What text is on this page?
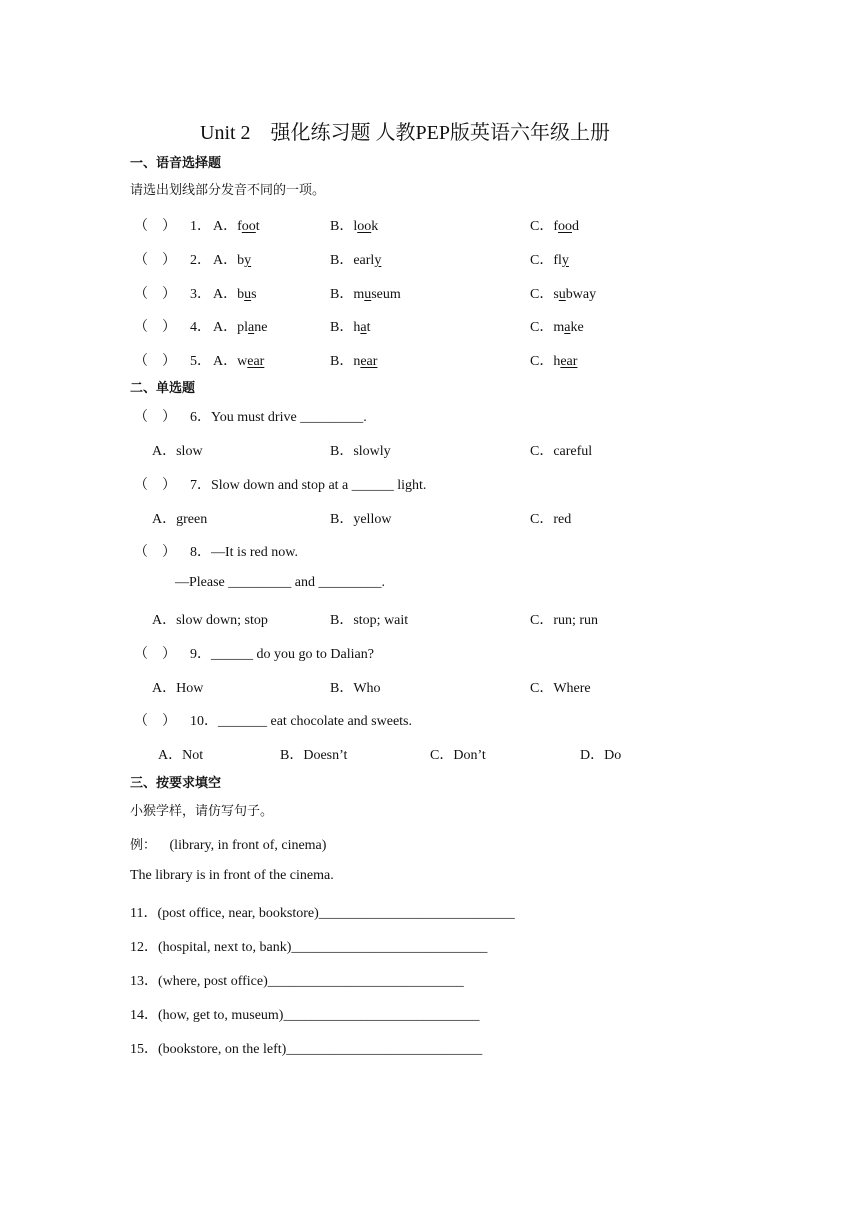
Unit 2　强化练习题 人教PEP版英语六年级上册
一、语音选择题
请选出划线部分发音不同的一项。
（　） 1． A．foot	B．look	C．food
（　） 2． A．by	B．early	C．fly
（　） 3． A．bus	B．museum	C．subway
（　） 4． A．plane	B．hat	C．make
（　） 5． A．wear	B．near	C．hear
二、单选题
（　） 6．You must drive _________.
A．slow	B．slowly	C．careful
（　） 7．Slow down and stop at a ______ light.
A．green	B．yellow	C．red
（　） 8．—It is red now.
—Please _________ and _________.
A．slow down; stop	B．stop; wait	C．run; run
（　） 9．______ do you go to Dalian?
A．How	B．Who	C．Where
（　） 10．_______ eat chocolate and sweets.
A．Not	B．Doesn’t	C．Don’t	D．Do
三、按要求填空
小猴学样，请仿写句子。
例： (library, in front of, cinema)
The library is in front of the cinema.
11．(post office, near, bookstore)____________________________
12．(hospital, next to, bank)____________________________
13．(where, post office)____________________________
14．(how, get to, museum)____________________________
15．(bookstore, on the left)____________________________
